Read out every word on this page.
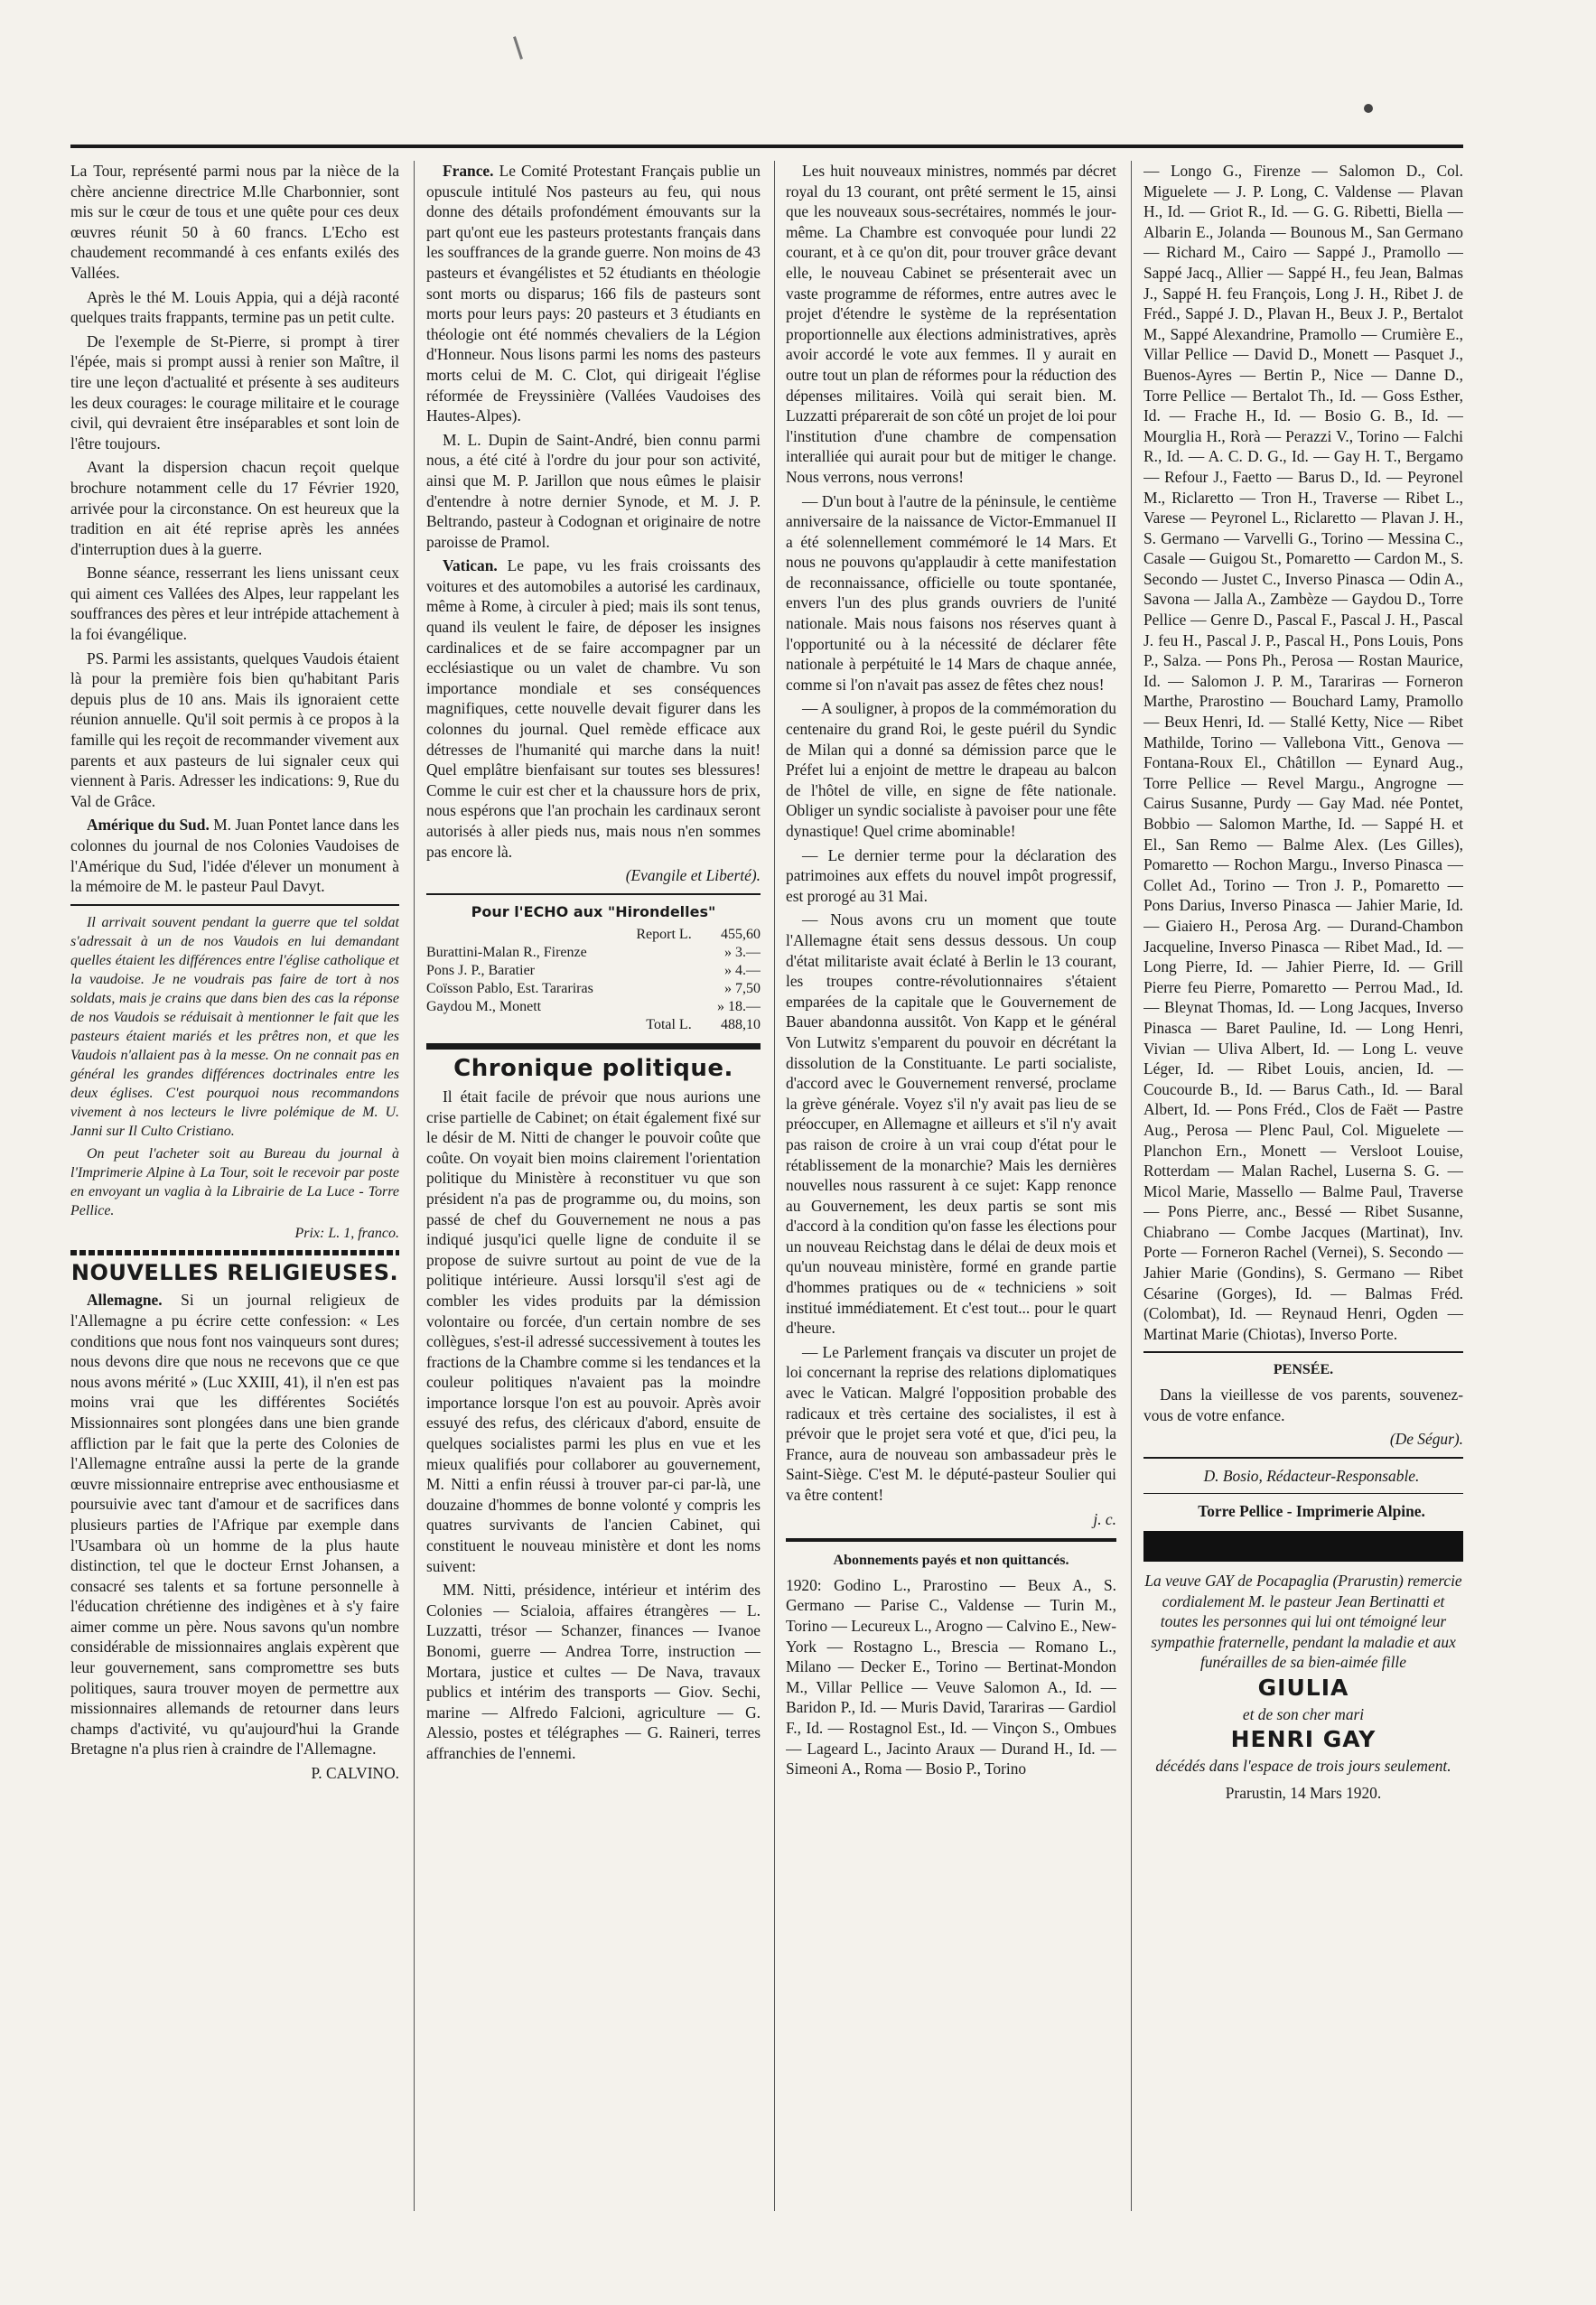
La Tour, représenté parmi nous par la nièce de la chère ancienne directrice M.lle Charbonnier, sont mis sur le cœur de tous et une quête pour ces deux œuvres réunit 50 à 60 francs. L'Echo est chaudement recommandé à ces enfants exilés des Vallées.

Après le thé M. Louis Appia, qui a déjà raconté quelques traits frappants, termine pas un petit culte.

De l'exemple de St-Pierre, si prompt à tirer l'épée, mais si prompt aussi à renier son Maître, il tire une leçon d'actualité et présente à ses auditeurs les deux courages: le courage militaire et le courage civil, qui devraient être inséparables et sont loin de l'être toujours.

Avant la dispersion chacun reçoit quelque brochure notamment celle du 17 Février 1920, arrivée pour la circonstance. On est heureux que la tradition en ait été reprise après les années d'interruption dues à la guerre.

Bonne séance, resserrant les liens unissant ceux qui aiment ces Vallées des Alpes, leur rappelant les souffrances des pères et leur intrépide attachement à la foi évangélique.

PS. Parmi les assistants, quelques Vaudois étaient là pour la première fois bien qu'habitant Paris depuis plus de 10 ans. Mais ils ignoraient cette réunion annuelle. Qu'il soit permis à ce propos à la famille qui les reçoit de recommander vivement aux parents et aux pasteurs de lui signaler ceux qui viennent à Paris. Adresser les indications: 9, Rue du Val de Grâce.

Amérique du Sud. M. Juan Pontet lance dans les colonnes du journal de nos Colonies Vaudoises de l'Amérique du Sud, l'idée d'élever un monument à la mémoire de M. le pasteur Paul Davyt.

Il arrivait souvent pendant la guerre que tel soldat s'adressait à un de nos Vaudois en lui demandant quelles étaient les différences entre l'église catholique et la vaudoise. Je ne voudrais pas faire de tort à nos soldats, mais je crains que dans bien des cas la réponse de nos Vaudois se réduisait à mentionner le fait que les pasteurs étaient mariés et les prêtres non, et que les Vaudois n'allaient pas à la messe. On ne connait pas en général les grandes différences doctrinales entre les deux églises. C'est pourquoi nous recommandons vivement à nos lecteurs le livre polémique de M. U. Janni sur Il Culto Cristiano.

On peut l'acheter soit au Bureau du journal à l'Imprimerie Alpine à La Tour, soit le recevoir par poste en envoyant un vaglia à la Librairie de La Luce - Torre Pellice.

Prix: L. 1, franco.

NOUVELLES RELIGIEUSES.

Allemagne. Si un journal religieux de l'Allemagne a pu écrire cette confession: « Les conditions que nous font nos vainqueurs sont dures; nous devons dire que nous ne recevons que ce que nous avons mérité » (Luc XXIII, 41), il n'en est pas moins vrai que les différentes Sociétés Missionnaires sont plongées dans une bien grande affliction par le fait que la perte des Colonies de l'Allemagne entraîne aussi la perte de la grande œuvre missionnaire entreprise avec enthousiasme et poursuivie avec tant d'amour et de sacrifices dans plusieurs parties de l'Afrique par exemple dans l'Usambara où un homme de la plus haute distinction, tel que le docteur Ernst Johansen, a consacré ses talents et sa fortune personnelle à l'éducation chrétienne des indigènes et à s'y faire aimer comme un père. Nous savons qu'un nombre considérable de missionnaires anglais expèrent que leur gouvernement, sans compromettre ses buts politiques, saura trouver moyen de permettre aux missionnaires allemands de retourner dans leurs champs d'activité, vu qu'aujourd'hui la Grande Bretagne n'a plus rien à craindre de l'Allemagne.

P. CALVINO.

France. Le Comité Protestant Français publie un opuscule intitulé Nos pasteurs au feu, qui nous donne des détails profondément émouvants sur la part qu'ont eue les pasteurs protestants français dans les souffrances de la grande guerre. Non moins de 43 pasteurs et évangélistes et 52 étudiants en théologie sont morts ou disparus; 166 fils de pasteurs sont morts pour leurs pays: 20 pasteurs et 3 étudiants en théologie ont été nommés chevaliers de la Légion d'Honneur. Nous lisons parmi les noms des pasteurs morts celui de M. C. Clot, qui dirigeait l'église réformée de Freyssinière (Vallées Vaudoises des Hautes-Alpes).

M. L. Dupin de Saint-André, bien connu parmi nous, a été cité à l'ordre du jour pour son activité, ainsi que M. P. Jarillon que nous eûmes le plaisir d'entendre à notre dernier Synode, et M. J. P. Beltrando, pasteur à Codognan et originaire de notre paroisse de Pramol.

Vatican. Le pape, vu les frais croissants des voitures et des automobiles a autorisé les cardinaux, même à Rome, à circuler à pied; mais ils sont tenus, quand ils veulent le faire, de déposer les insignes cardinalices et de se faire accompagner par un ecclésiastique ou un valet de chambre. Vu son importance mondiale et ses conséquences magnifiques, cette nouvelle devait figurer dans les colonnes du journal. Quel remède efficace aux détresses de l'humanité qui marche dans la nuit! Quel emplâtre bienfaisant sur toutes ses blessures! Comme le cuir est cher et la chaussure hors de prix, nous espérons que l'an prochain les cardinaux seront autorisés à aller pieds nus, mais nous n'en sommes pas encore là.

(Evangile et Liberté).

Pour l'ECHO aux "Hirondelles"
Report L.	455,60
Burattini-Malan R., Firenze	» 3.—
Pons J. P., Baratier	» 4.—
Coïsson Pablo, Est. Tarariras	» 7,50
Gaydou M., Monett	» 18.—
Total L.	488,10
Chronique politique.

Il était facile de prévoir que nous aurions une crise partielle de Cabinet; on était également fixé sur le désir de M. Nitti de changer le pouvoir coûte que coûte. On voyait bien moins clairement l'orientation politique du Ministère à reconstituer vu que son président n'a pas de programme ou, du moins, son passé de chef du Gouvernement ne nous a pas indiqué jusqu'ici quelle ligne de conduite il se propose de suivre surtout au point de vue de la politique intérieure. Aussi lorsqu'il s'est agi de combler les vides produits par la démission volontaire ou forcée, d'un certain nombre de ses collègues, s'est-il adressé successivement à toutes les fractions de la Chambre comme si les tendances et la couleur politiques n'avaient pas la moindre importance lorsque l'on est au pouvoir. Après avoir essuyé des refus, des cléricaux d'abord, ensuite de quelques socialistes parmi les plus en vue et les mieux qualifiés pour collaborer au gouvernement, M. Nitti a enfin réussi à trouver par-ci par-là, une douzaine d'hommes de bonne volonté y compris les quatres survivants de l'ancien Cabinet, qui constituent le nouveau ministère et dont les noms suivent:

MM. Nitti, présidence, intérieur et intérim des Colonies — Scialoia, affaires étrangères — L. Luzzatti, trésor — Schanzer, finances — Ivanoe Bonomi, guerre — Andrea Torre, instruction — Mortara, justice et cultes — De Nava, travaux publics et intérim des transports — Giov. Sechi, marine — Alfredo Falcioni, agriculture — G. Alessio, postes et télégraphes — G. Raineri, terres affranchies de l'ennemi.

Les huit nouveaux ministres, nommés par décret royal du 13 courant, ont prêté serment le 15, ainsi que les nouveaux sous-secrétaires, nommés le jour-même. La Chambre est convoquée pour lundi 22 courant, et à ce qu'on dit, pour trouver grâce devant elle, le nouveau Cabinet se présenterait avec un vaste programme de réformes, entre autres avec le projet d'étendre le système de la représentation proportionnelle aux élections administratives, après avoir accordé le vote aux femmes. Il y aurait en outre tout un plan de réformes pour la réduction des dépenses militaires. Voilà qui serait bien. M. Luzzatti préparerait de son côté un projet de loi pour l'institution d'une chambre de compensation interalliée qui aurait pour but de mitiger le change. Nous verrons, nous verrons!

— D'un bout à l'autre de la péninsule, le centième anniversaire de la naissance de Victor-Emmanuel II a été solennellement commémoré le 14 Mars. Et nous ne pouvons qu'applaudir à cette manifestation de reconnaissance, officielle ou toute spontanée, envers l'un des plus grands ouvriers de l'unité nationale. Mais nous faisons nos réserves quant à l'opportunité ou à la nécessité de déclarer fête nationale à perpétuité le 14 Mars de chaque année, comme si l'on n'avait pas assez de fêtes chez nous!

— A souligner, à propos de la commémoration du centenaire du grand Roi, le geste puéril du Syndic de Milan qui a donné sa démission parce que le Préfet lui a enjoint de mettre le drapeau au balcon de l'hôtel de ville, en signe de fête nationale. Obliger un syndic socialiste à pavoiser pour une fête dynastique! Quel crime abominable!

— Le dernier terme pour la déclaration des patrimoines aux effets du nouvel impôt progressif, est prorogé au 31 Mai.

— Nous avons cru un moment que toute l'Allemagne était sens dessus dessous. Un coup d'état militariste avait éclaté à Berlin le 13 courant, les troupes contre-révolutionnaires s'étaient emparées de la capitale que le Gouvernement de Bauer abandonna aussitôt. Von Kapp et le général Von Lutwitz s'emparent du pouvoir en décrétant la dissolution de la Constituante. Le parti socialiste, d'accord avec le Gouvernement renversé, proclame la grève générale. Voyez s'il n'y avait pas lieu de se préoccuper, en Allemagne et ailleurs et s'il n'y avait pas raison de croire à un vrai coup d'état pour le rétablissement de la monarchie? Mais les dernières nouvelles nous rassurent à ce sujet: Kapp renonce au Gouvernement, les deux partis se sont mis d'accord à la condition qu'on fasse les élections pour un nouveau Reichstag dans le délai de deux mois et qu'un nouveau ministère, formé en grande partie d'hommes pratiques ou de « techniciens » soit institué immédiatement. Et c'est tout... pour le quart d'heure.

— Le Parlement français va discuter un projet de loi concernant la reprise des relations diplomatiques avec le Vatican. Malgré l'opposition probable des radicaux et très certaine des socialistes, il est à prévoir que le projet sera voté et que, d'ici peu, la France, aura de nouveau son ambassadeur près le Saint-Siège. C'est M. le député-pasteur Soulier qui va être content!

j. c.

Abonnements payés et non quittancés.

1920: Godino L., Prarostino — Beux A., S. Germano — Parise C., Valdense — Turin M., Torino — Lecureux L., Arogno — Calvino E., New-York — Rostagno L., Brescia — Romano L., Milano — Decker E., Torino — Bertinat-Mondon M., Villar Pellice — Veuve Salomon A., Id. — Baridon P., Id. — Muris David, Tarariras — Gardiol F., Id. — Rostagnol Est., Id. — Vinçon S., Ombues — Lageard L., Jacinto Araux — Durand H., Id. — Simeoni A., Roma — Bosio P., Torino

— Longo G., Firenze — Salomon D., Col. Miguelete — J. P. Long, C. Valdense — Plavan H., Id. — Griot R., Id. — G. G. Ribetti, Biella — Albarin E., Jolanda — Bounous M., San Germano — Richard M., Cairo — Sappé J., Pramollo — Sappé Jacq., Allier — Sappé H., feu Jean, Balmas J., Sappé H. feu François, Long J. H., Ribet J. de Fréd., Sappé J. D., Plavan H., Beux J. P., Bertalot M., Sappé Alexandrine, Pramollo — Crumière E., Villar Pellice — David D., Monett — Pasquet J., Buenos-Ayres — Bertin P., Nice — Danne D., Torre Pellice — Bertalot Th., Id. — Goss Esther, Id. — Frache H., Id. — Bosio G. B., Id. — Mourglia H., Rorà — Perazzi V., Torino — Falchi R., Id. — A. C. D. G., Id. — Gay H. T., Bergamo — Refour J., Faetto — Barus D., Id. — Peyronel M., Riclaretto — Tron H., Traverse — Ribet L., Varese — Peyronel L., Riclaretto — Plavan J. H., S. Germano — Varvelli G., Torino — Messina C., Casale — Guigou St., Pomaretto — Cardon M., S. Secondo — Justet C., Inverso Pinasca — Odin A., Savona — Jalla A., Zambèze — Gaydou D., Torre Pellice — Genre D., Pascal F., Pascal J. H., Pascal J. feu H., Pascal J. P., Pascal H., Pons Louis, Pons P., Salza. — Pons Ph., Perosa — Rostan Maurice, Id. — Salomon J. P. M., Tarariras — Forneron Marthe, Prarostino — Bouchard Lamy, Pramollo — Beux Henri, Id. — Stallé Ketty, Nice — Ribet Mathilde, Torino — Vallebona Vitt., Genova — Fontana-Roux El., Châtillon — Eynard Aug., Torre Pellice — Revel Margu., Angrogne — Cairus Susanne, Purdy — Gay Mad. née Pontet, Bobbio — Salomon Marthe, Id. — Sappé H. et El., San Remo — Balme Alex. (Les Gilles), Pomaretto — Rochon Margu., Inverso Pinasca — Collet Ad., Torino — Tron J. P., Pomaretto — Pons Darius, Inverso Pinasca — Jahier Marie, Id. — Giaiero H., Perosa Arg. — Durand-Chambon Jacqueline, Inverso Pinasca — Ribet Mad., Id. — Long Pierre, Id. — Jahier Pierre, Id. — Grill Pierre feu Pierre, Pomaretto — Perrou Mad., Id. — Bleynat Thomas, Id. — Long Jacques, Inverso Pinasca — Baret Pauline, Id. — Long Henri, Vivian — Uliva Albert, Id. — Long L. veuve Léger, Id. — Ribet Louis, ancien, Id. — Coucourde B., Id. — Barus Cath., Id. — Baral Albert, Id. — Pons Fréd., Clos de Faët — Pastre Aug., Perosa — Plenc Paul, Col. Miguelete — Planchon Ern., Monett — Versloot Louise, Rotterdam — Malan Rachel, Luserna S. G. — Micol Marie, Massello — Balme Paul, Traverse — Pons Pierre, anc., Bessé — Ribet Susanne, Chiabrano — Combe Jacques (Martinat), Inv. Porte — Forneron Rachel (Vernei), S. Secondo — Jahier Marie (Gondins), S. Germano — Ribet Césarine (Gorges), Id. — Balmas Fréd. (Colombat), Id. — Reynaud Henri, Ogden — Martinat Marie (Chiotas), Inverso Porte.

PENSÉE.

Dans la vieillesse de vos parents, souvenez-vous de votre enfance.

(De Ségur).

D. Bosio, Rédacteur-Responsable.

Torre Pellice - Imprimerie Alpine.

La veuve GAY de Pocapaglia (Prarustin) remercie cordialement M. le pasteur Jean Bertinatti et toutes les personnes qui lui ont témoigné leur sympathie fraternelle, pendant la maladie et aux funérailles de sa bien-aimée fille

GIULIA

et de son cher mari

HENRI GAY

décédés dans l'espace de trois jours seulement.

Prarustin, 14 Mars 1920.
